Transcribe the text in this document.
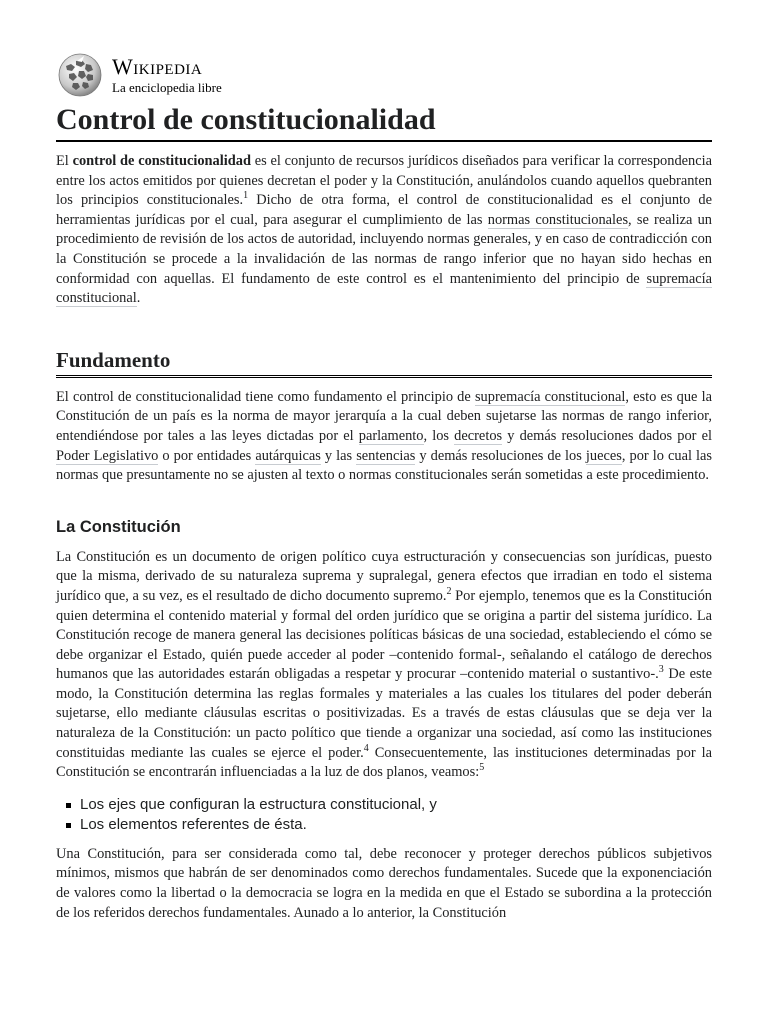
Wikipedia
La enciclopedia libre
Control de constitucionalidad

El control de constitucionalidad es el conjunto de recursos jurídicos diseñados para verificar la correspondencia entre los actos emitidos por quienes decretan el poder y la Constitución, anulándolos cuando aquellos quebranten los principios constitucionales.$^1$ Dicho de otra forma, el control de constitucionalidad es el conjunto de herramientas jurídicas por el cual, para asegurar el cumplimiento de las normas constitucionales, se realiza un procedimiento de revisión de los actos de autoridad, incluyendo normas generales, y en caso de contradicción con la Constitución se procede a la invalidación de las normas de rango inferior que no hayan sido hechas en conformidad con aquellas. El fundamento de este control es el mantenimiento del principio de supremacía constitucional.

Fundamento

El control de constitucionalidad tiene como fundamento el principio de supremacía constitucional, esto es que la Constitución de un país es la norma de mayor jerarquía a la cual deben sujetarse las normas de rango inferior, entendiéndose por tales a las leyes dictadas por el parlamento, los decretos y demás resoluciones dados por el Poder Legislativo o por entidades autárquicas y las sentencias y demás resoluciones de los jueces, por lo cual las normas que presuntamente no se ajusten al texto o normas constitucionales serán sometidas a este procedimiento.

La Constitución

La Constitución es un documento de origen político cuya estructuración y consecuencias son jurídicas, puesto que la misma, derivado de su naturaleza suprema y supralegal, genera efectos que irradian en todo el sistema jurídico que, a su vez, es el resultado de dicho documento supremo.$^2$ Por ejemplo, tenemos que es la Constitución quien determina el contenido material y formal del orden jurídico que se origina a partir del sistema jurídico. La Constitución recoge de manera general las decisiones políticas básicas de una sociedad, estableciendo el cómo se debe organizar el Estado, quién puede acceder al poder –contenido formal-, señalando el catálogo de derechos humanos que las autoridades estarán obligadas a respetar y procurar –contenido material o sustantivo-.$^3$ De este modo, la Constitución determina las reglas formales y materiales a las cuales los titulares del poder deberán sujetarse, ello mediante cláusulas escritas o positivizadas. Es a través de estas cláusulas que se deja ver la naturaleza de la Constitución: un pacto político que tiende a organizar una sociedad, así como las instituciones constituidas mediante las cuales se ejerce el poder.$^4$ Consecuentemente, las instituciones determinadas por la Constitución se encontrarán influenciadas a la luz de dos planos, veamos:$^5$

Los ejes que configuran la estructura constitucional, y
Los elementos referentes de ésta.

Una Constitución, para ser considerada como tal, debe reconocer y proteger derechos públicos subjetivos mínimos, mismos que habrán de ser denominados como derechos fundamentales. Sucede que la exponenciación de valores como la libertad o la democracia se logra en la medida en que el Estado se subordina a la protección de los referidos derechos fundamentales. Aunado a lo anterior, la Constitución
